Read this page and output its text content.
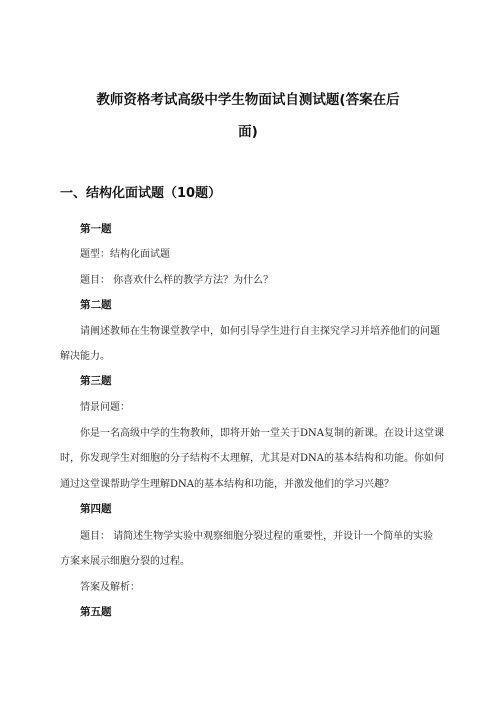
教师资格考试高级中学生物面试自测试题(答案在后
面)
一、结构化面试题（10题）
第一题
题型：结构化面试题
题目： 你喜欢什么样的教学方法？为什么？
第二题
请阐述教师在生物课堂教学中，如何引导学生进行自主探究学习并培养他们的问题
解决能力。
第三题
情景问题：
你是一名高级中学的生物教师，即将开始一堂关于DNA复制的新课。在设计这堂课
时，你发现学生对细胞的分子结构不太理解，尤其是对DNA的基本结构和功能。你如何
通过这堂课帮助学生理解DNA的基本结构和功能，并激发他们的学习兴趣？
第四题
题目： 请简述生物学实验中观察细胞分裂过程的重要性，并设计一个简单的实验
方案来展示细胞分裂的过程。
答案及解析：
第五题
